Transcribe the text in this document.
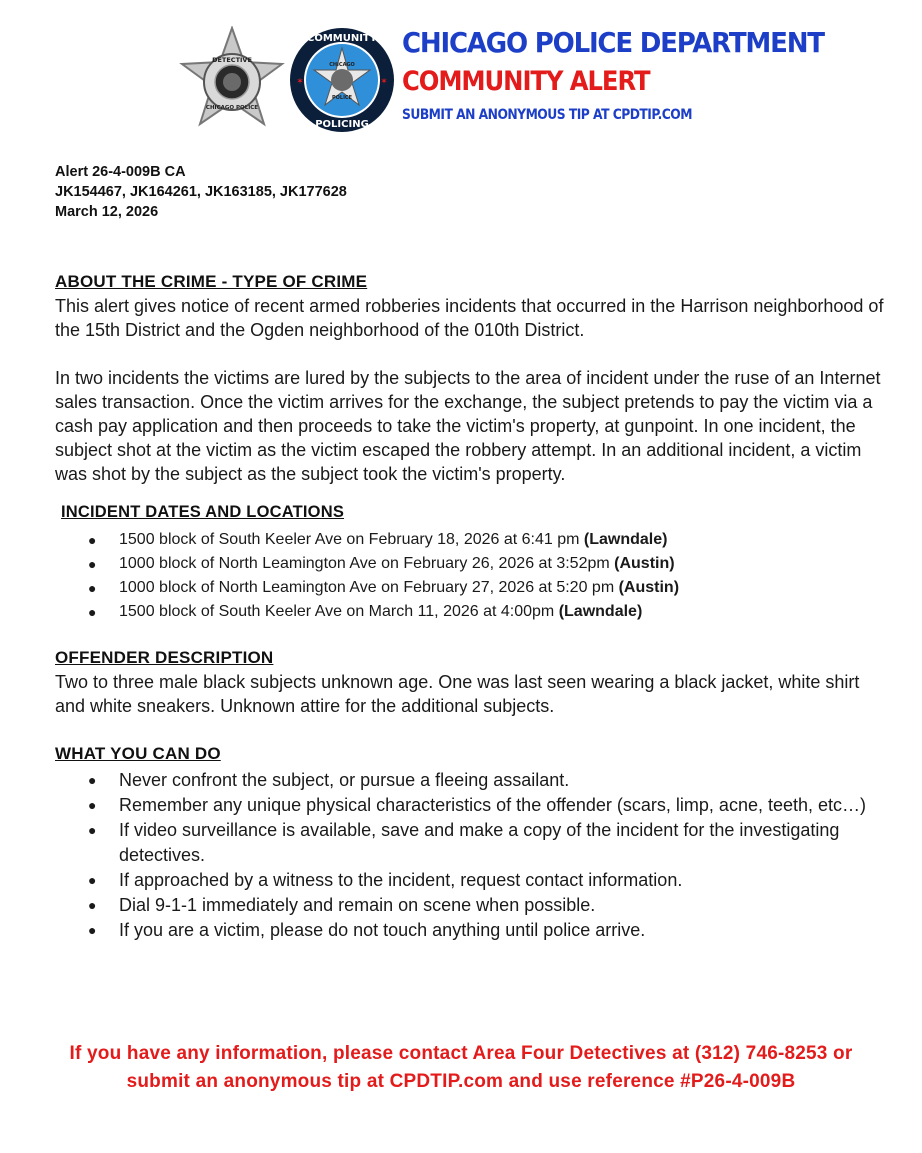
DETECTIVE
CHICAGO POLICE
COMMUNITY
POLICING
CHICAGO
POLICE
✶	✶
CHICAGO POLICE DEPARTMENT
COMMUNITY ALERT
SUBMIT AN ANONYMOUS TIP AT CPDTIP.COM
Alert 26-4-009B CA
JK154467, JK164261, JK163185, JK177628
March 12, 2026
ABOUT THE CRIME - TYPE OF CRIME

This alert gives notice of recent armed robberies incidents that occurred in the Harrison neighborhood of the 15th District and the Ogden neighborhood of the 010th District.

In two incidents the victims are lured by the subjects to the area of incident under the ruse of an Internet sales transaction. Once the victim arrives for the exchange, the subject pretends to pay the victim via a cash pay application and then proceeds to take the victim's property, at gunpoint. In one incident, the subject shot at the victim as the victim escaped the robbery attempt. In an additional incident, a victim was shot by the subject as the subject took the victim's property.

INCIDENT DATES AND LOCATIONS
● 1500 block of South Keeler Ave on February 18, 2026 at 6:41 pm (Lawndale)
● 1000 block of North Leamington Ave on February 26, 2026 at 3:52pm (Austin)
● 1000 block of North Leamington Ave on February 27, 2026 at 5:20 pm (Austin)
● 1500 block of South Keeler Ave on March 11, 2026 at 4:00pm (Lawndale)
OFFENDER DESCRIPTION

Two to three male black subjects unknown age. One was last seen wearing a black jacket, white shirt and white sneakers. Unknown attire for the additional subjects.

WHAT YOU CAN DO
● Never confront the subject, or pursue a fleeing assailant.
● Remember any unique physical characteristics of the offender (scars, limp, acne, teeth, etc…)
● If video surveillance is available, save and make a copy of the incident for the investigating detectives.
● If approached by a witness to the incident, request contact information.
● Dial 9-1-1 immediately and remain on scene when possible.
● If you are a victim, please do not touch anything until police arrive.
If you have any information, please contact Area Four Detectives at (312) 746-8253 or submit an anonymous tip at CPDTIP.com and use reference #P26-4-009B
